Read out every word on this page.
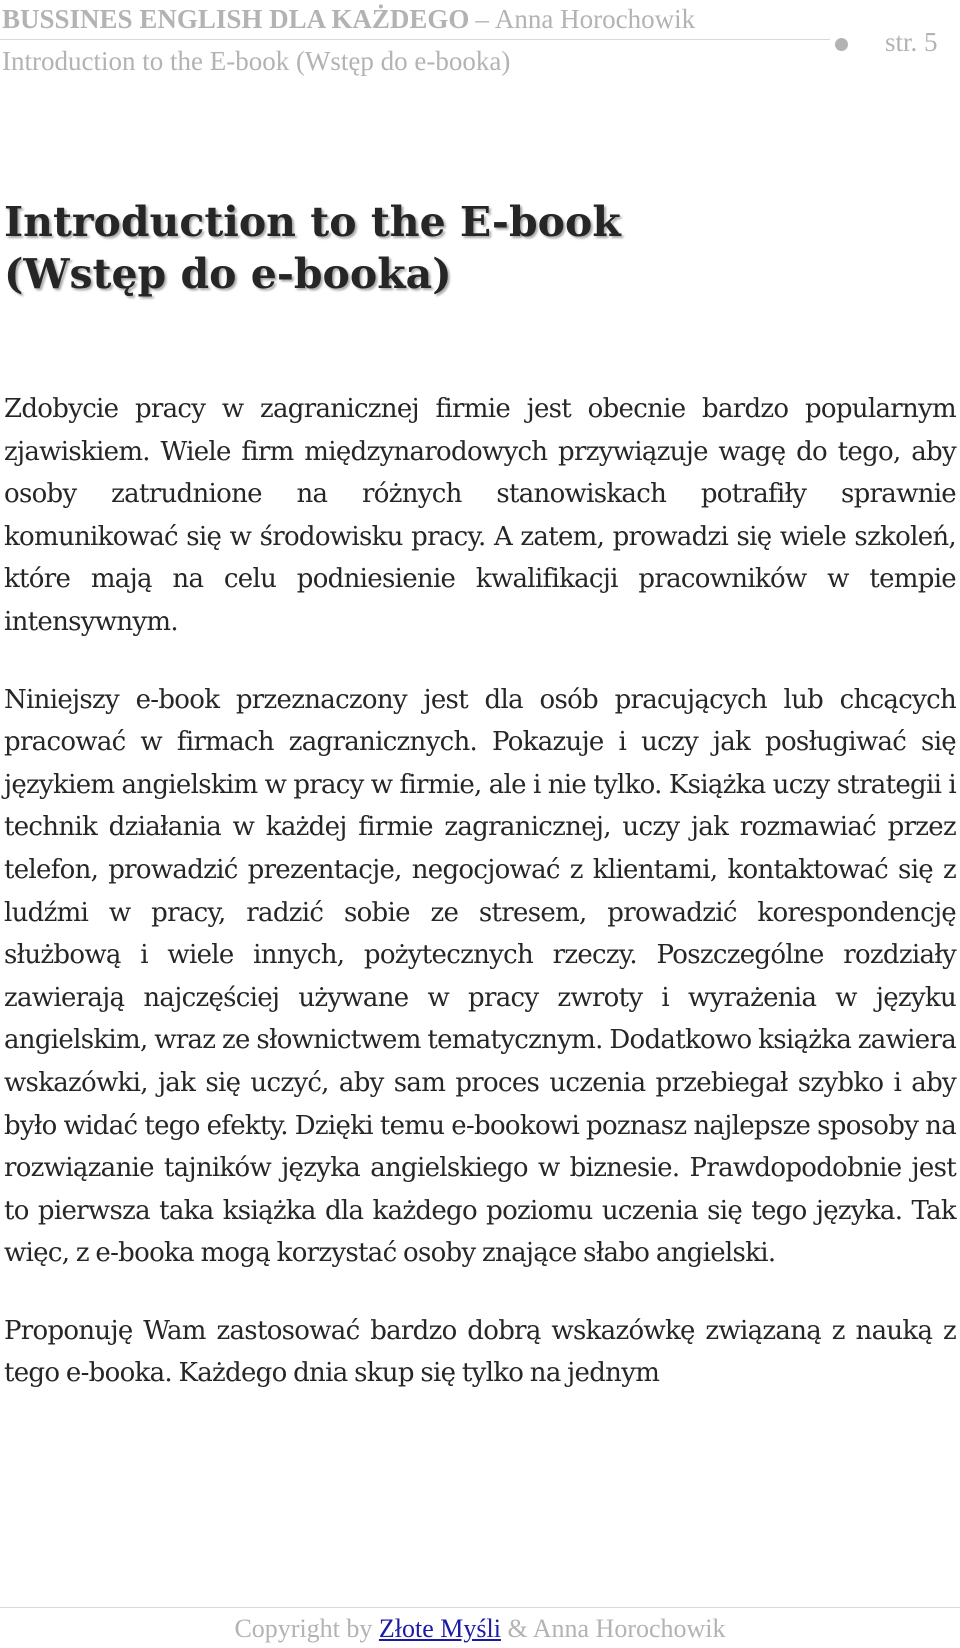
BUSSINES ENGLISH DLA KAŻDEGO – Anna Horochowik
Introduction to the E-book (Wstęp do e-booka)
str. 5
Introduction to the E-book
(Wstęp do e-booka)

Zdobycie pracy w zagranicznej firmie jest obecnie bardzo popularnym zjawiskiem. Wiele firm międzynarodowych przywiązuje wagę do tego, aby osoby zatrudnione na różnych stanowiskach potrafiły sprawnie komunikować się w środowisku pracy. A zatem, prowadzi się wiele szkoleń, które mają na celu podniesienie kwalifikacji pracowników w tempie intensywnym.

Niniejszy e-book przeznaczony jest dla osób pracujących lub chcących pracować w firmach zagranicznych. Pokazuje i uczy jak posługiwać się językiem angielskim w pracy w firmie, ale i nie tylko. Książka uczy strategii i technik działania w każdej firmie zagranicznej, uczy jak rozmawiać przez telefon, prowadzić prezentacje, negocjować z klientami, kontaktować się z ludźmi w pracy, radzić sobie ze stresem, prowadzić korespondencję służbową i wiele innych, pożytecznych rzeczy. Poszczególne rozdziały zawierają najczęściej używane w pracy zwroty i wyrażenia w języku angielskim, wraz ze słownictwem tematycznym. Dodatkowo książka zawiera wskazówki, jak się uczyć, aby sam proces uczenia przebiegał szybko i aby było widać tego efekty. Dzięki temu e-bookowi poznasz najlepsze sposoby na rozwiązanie tajników języka angielskiego w biznesie. Prawdopodobnie jest to pierwsza taka książka dla każdego poziomu uczenia się tego języka. Tak więc, z e-booka mogą korzystać osoby znające słabo angielski.

Proponuję Wam zastosować bardzo dobrą wskazówkę związaną z nauką z tego e-booka. Każdego dnia skup się tylko na jednym

Copyright by Złote Myśli & Anna Horochowik
